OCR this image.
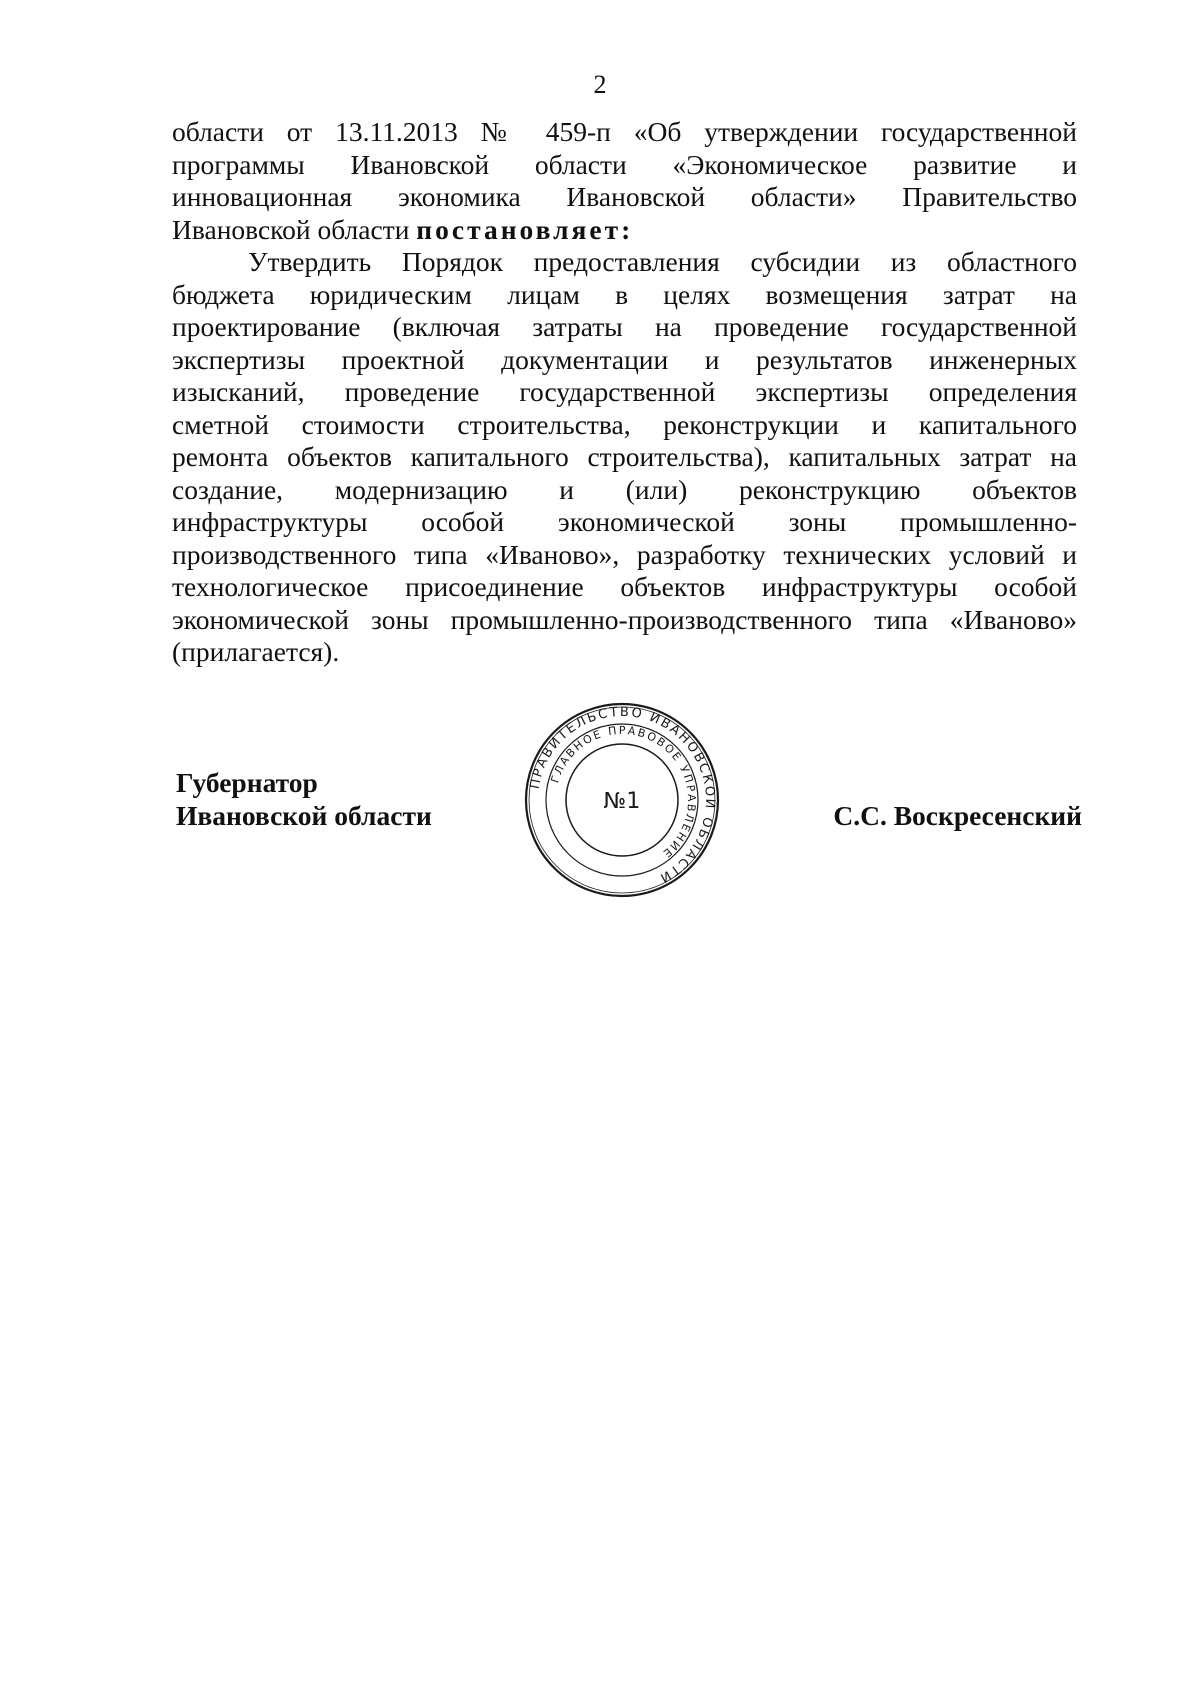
2
области от 13.11.2013 № 459-п «Об утверждении государственной
программы Ивановской области «Экономическое развитие и
инновационная экономика Ивановской области» Правительство
Ивановской области постановляет:
Утвердить Порядок предоставления субсидии из областного
бюджета юридическим лицам в целях возмещения затрат на
проектирование (включая затраты на проведение государственной
экспертизы проектной документации и результатов инженерных
изысканий, проведение государственной экспертизы определения
сметной стоимости строительства, реконструкции и капитального
ремонта объектов капитального строительства), капитальных затрат на
создание, модернизацию и (или) реконструкцию объектов
инфраструктуры особой экономической зоны промышленно-
производственного типа «Иваново», разработку технических условий и
технологическое присоединение объектов инфраструктуры особой
экономической зоны промышленно-производственного типа «Иваново»
(прилагается).
Губернатор
Ивановской области	С.С. Воскресенский
ПРАВИТЕЛЬСТВО ИВАНОВСКОЙ ОБЛАСТИ
ГЛАВНОЕ ПРАВОВОЕ УПРАВЛЕНИЕ
№1
